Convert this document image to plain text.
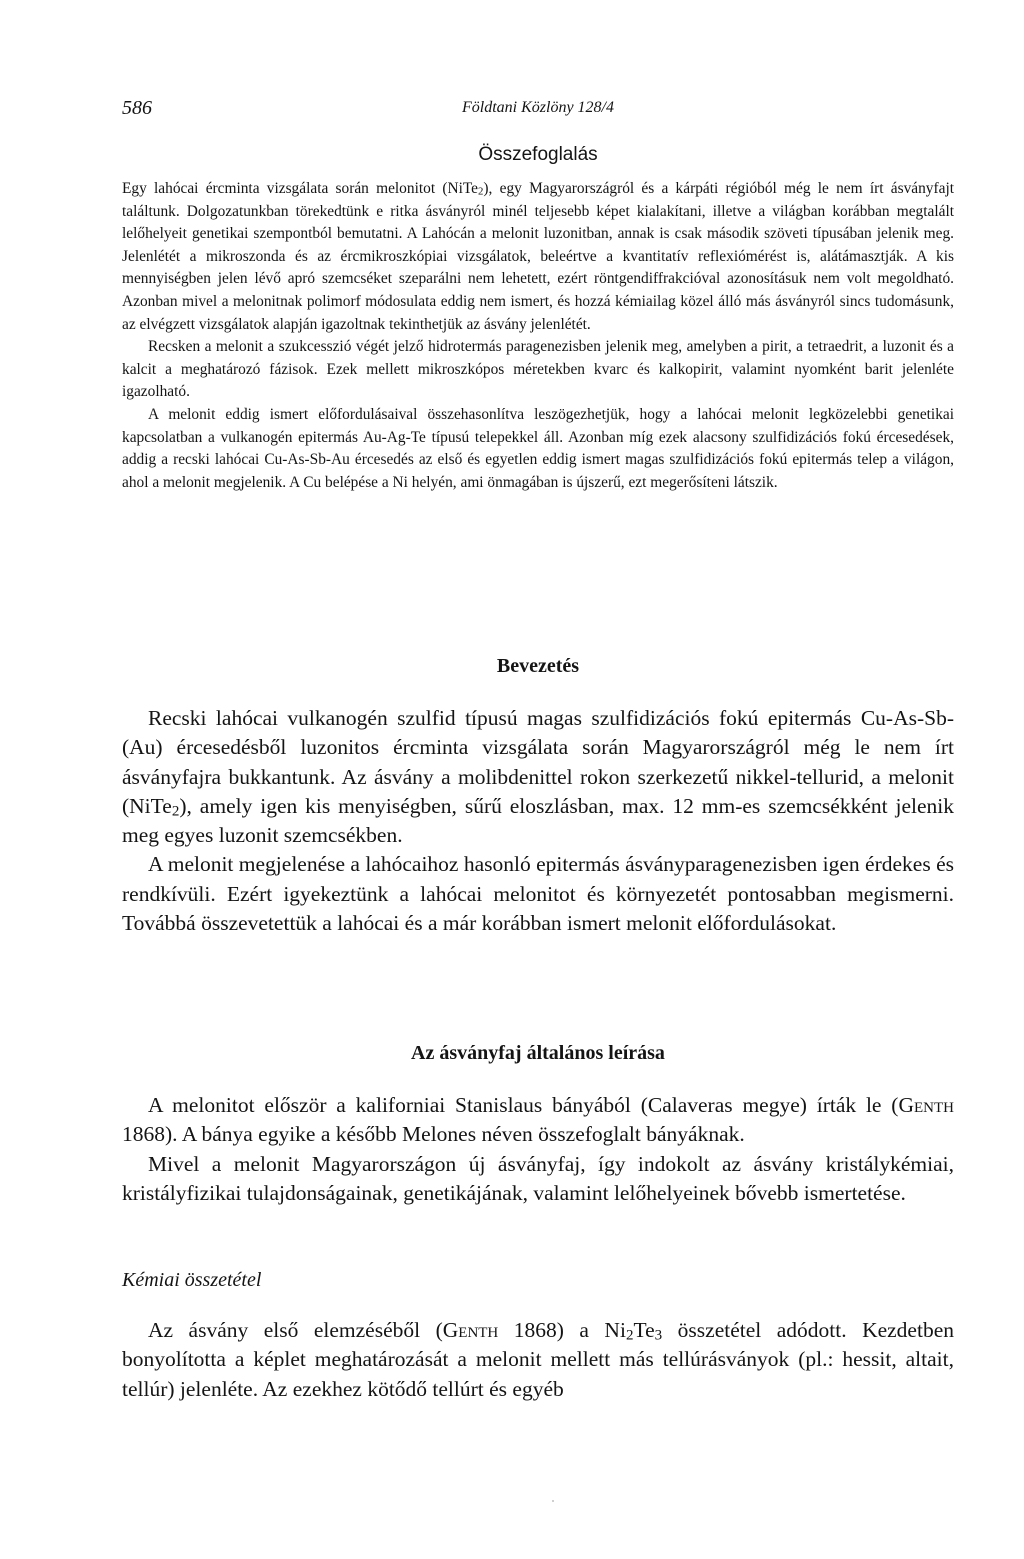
586	Földtani Közlöny 128/4
Összefoglalás

Egy lahócai ércminta vizsgálata során melonitot (NiTe$_2$), egy Magyarországról és a kárpáti régióból még le nem írt ásványfajt találtunk. Dolgozatunkban törekedtünk e ritka ásványról minél teljesebb képet kialakítani, illetve a világban korábban megtalált lelőhelyeit genetikai szempontból bemutatni. A Lahócán a melonit luzonitban, annak is csak második szöveti típusában jelenik meg. Jelenlétét a mikroszonda és az ércmikroszkópiai vizsgálatok, beleértve a kvantitatív reflexiómérést is, alátámasztják. A kis mennyiségben jelen lévő apró szemcséket szeparálni nem lehetett, ezért röntgendiffrakcióval azonosításuk nem volt megoldható. Azonban mivel a melonitnak polimorf módosulata eddig nem ismert, és hozzá kémiailag közel álló más ásványról sincs tudomásunk, az elvégzett vizsgálatok alapján igazoltnak tekinthetjük az ásvány jelenlétét.

Recsken a melonit a szukcesszió végét jelző hidrotermás paragenezisben jelenik meg, amelyben a pirit, a tetraedrit, a luzonit és a kalcit a meghatározó fázisok. Ezek mellett mikroszkópos méretekben kvarc és kalkopirit, valamint nyomként barit jelenléte igazolható.

A melonit eddig ismert előfordulásaival összehasonlítva leszögezhetjük, hogy a lahócai melonit legközelebbi genetikai kapcsolatban a vulkanogén epitermás Au-Ag-Te típusú telepekkel áll. Azonban míg ezek alacsony szulfidizációs fokú ércesedések, addig a recski lahócai Cu-As-Sb-Au ércesedés az első és egyetlen eddig ismert magas szulfidizációs fokú epitermás telep a világon, ahol a melonit megjelenik. A Cu belépése a Ni helyén, ami önmagában is újszerű, ezt megerősíteni látszik.

Bevezetés

Recski lahócai vulkanogén szulfid típusú magas szulfidizációs fokú epitermás Cu-As-Sb-(Au) ércesedésből luzonitos ércminta vizsgálata során Magyarországról még le nem írt ásványfajra bukkantunk. Az ásvány a molibdenittel rokon szerkezetű nikkel-tellurid, a melonit (NiTe$_2$), amely igen kis menyiségben, sűrű eloszlásban, max. 12 mm-es szemcsékként jelenik meg egyes luzonit szemcsékben.

A melonit megjelenése a lahócaihoz hasonló epitermás ásványparagenezisben igen érdekes és rendkívüli. Ezért igyekeztünk a lahócai melonitot és környezetét pontosabban megismerni. Továbbá összevetettük a lahócai és a már korábban ismert melonit előfordulásokat.

Az ásványfaj általános leírása

A melonitot először a kaliforniai Stanislaus bányából (Calaveras megye) írták le (Genth 1868). A bánya egyike a később Melones néven összefoglalt bányáknak.

Mivel a melonit Magyarországon új ásványfaj, így indokolt az ásvány kristálykémiai, kristályfizikai tulajdonságainak, genetikájának, valamint lelőhelyeinek bővebb ismertetése.

Kémiai összetétel

Az ásvány első elemzéséből (Genth 1868) a $Ni_2Te_3$ összetétel adódott. Kezdetben bonyolította a képlet meghatározását a melonit mellett más tellúrásványok (pl.: hessit, altait, tellúr) jelenléte. Az ezekhez kötődő tellúrt és egyéb
